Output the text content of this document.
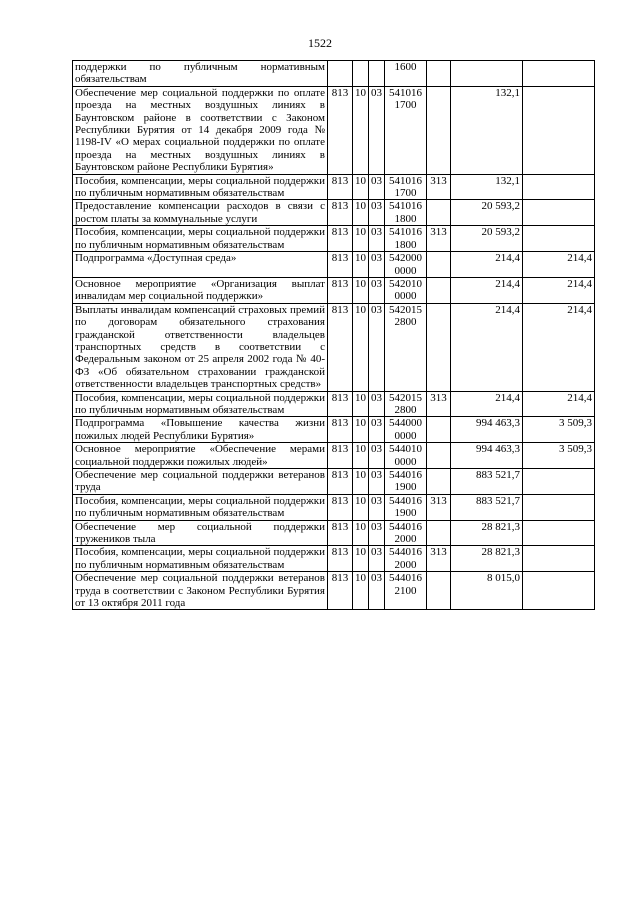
1522
поддержки по публичным нормативным обязательствам				1600			
Обеспечение мер социальной поддержки по оплате проезда на местных воздушных линиях в Баунтовском районе в соответствии с Законом Республики Бурятия от 14 декабря 2009 года № 1198-IV «О мерах социальной поддержки по оплате проезда на местных воздушных линиях в Баунтовском районе Республики Бурятия»	813	10	03	541016 1700		132,1	
Пособия, компенсации, меры социальной поддержки по публичным нормативным обязательствам	813	10	03	541016 1700	313	132,1	
Предоставление компенсации расходов в связи с ростом платы за коммунальные услуги	813	10	03	541016 1800		20 593,2	
Пособия, компенсации, меры социальной поддержки по публичным нормативным обязательствам	813	10	03	541016 1800	313	20 593,2	
Подпрограмма «Доступная среда»	813	10	03	542000 0000		214,4	214,4
Основное мероприятие «Организация выплат инвалидам мер социальной поддержки»	813	10	03	542010 0000		214,4	214,4
Выплаты инвалидам компенсаций страховых премий по договорам обязательного страхования гражданской ответственности владельцев транспортных средств в соответствии с Федеральным законом от 25 апреля 2002 года № 40-ФЗ «Об обязательном страховании гражданской ответственности владельцев транспортных средств»	813	10	03	542015 2800		214,4	214,4
Пособия, компенсации, меры социальной поддержки по публичным нормативным обязательствам	813	10	03	542015 2800	313	214,4	214,4
Подпрограмма «Повышение качества жизни пожилых людей Республики Бурятия»	813	10	03	544000 0000		994 463,3	3 509,3
Основное мероприятие «Обеспечение мерами социальной поддержки пожилых людей»	813	10	03	544010 0000		994 463,3	3 509,3
Обеспечение мер социальной поддержки ветеранов труда	813	10	03	544016 1900		883 521,7	
Пособия, компенсации, меры социальной поддержки по публичным нормативным обязательствам	813	10	03	544016 1900	313	883 521,7	
Обеспечение мер социальной поддержки тружеников тыла	813	10	03	544016 2000		28 821,3	
Пособия, компенсации, меры социальной поддержки по публичным нормативным обязательствам	813	10	03	544016 2000	313	28 821,3	
Обеспечение мер социальной поддержки ветеранов труда в соответствии с Законом Республики Бурятия от 13 октября 2011 года	813	10	03	544016 2100		8 015,0	
